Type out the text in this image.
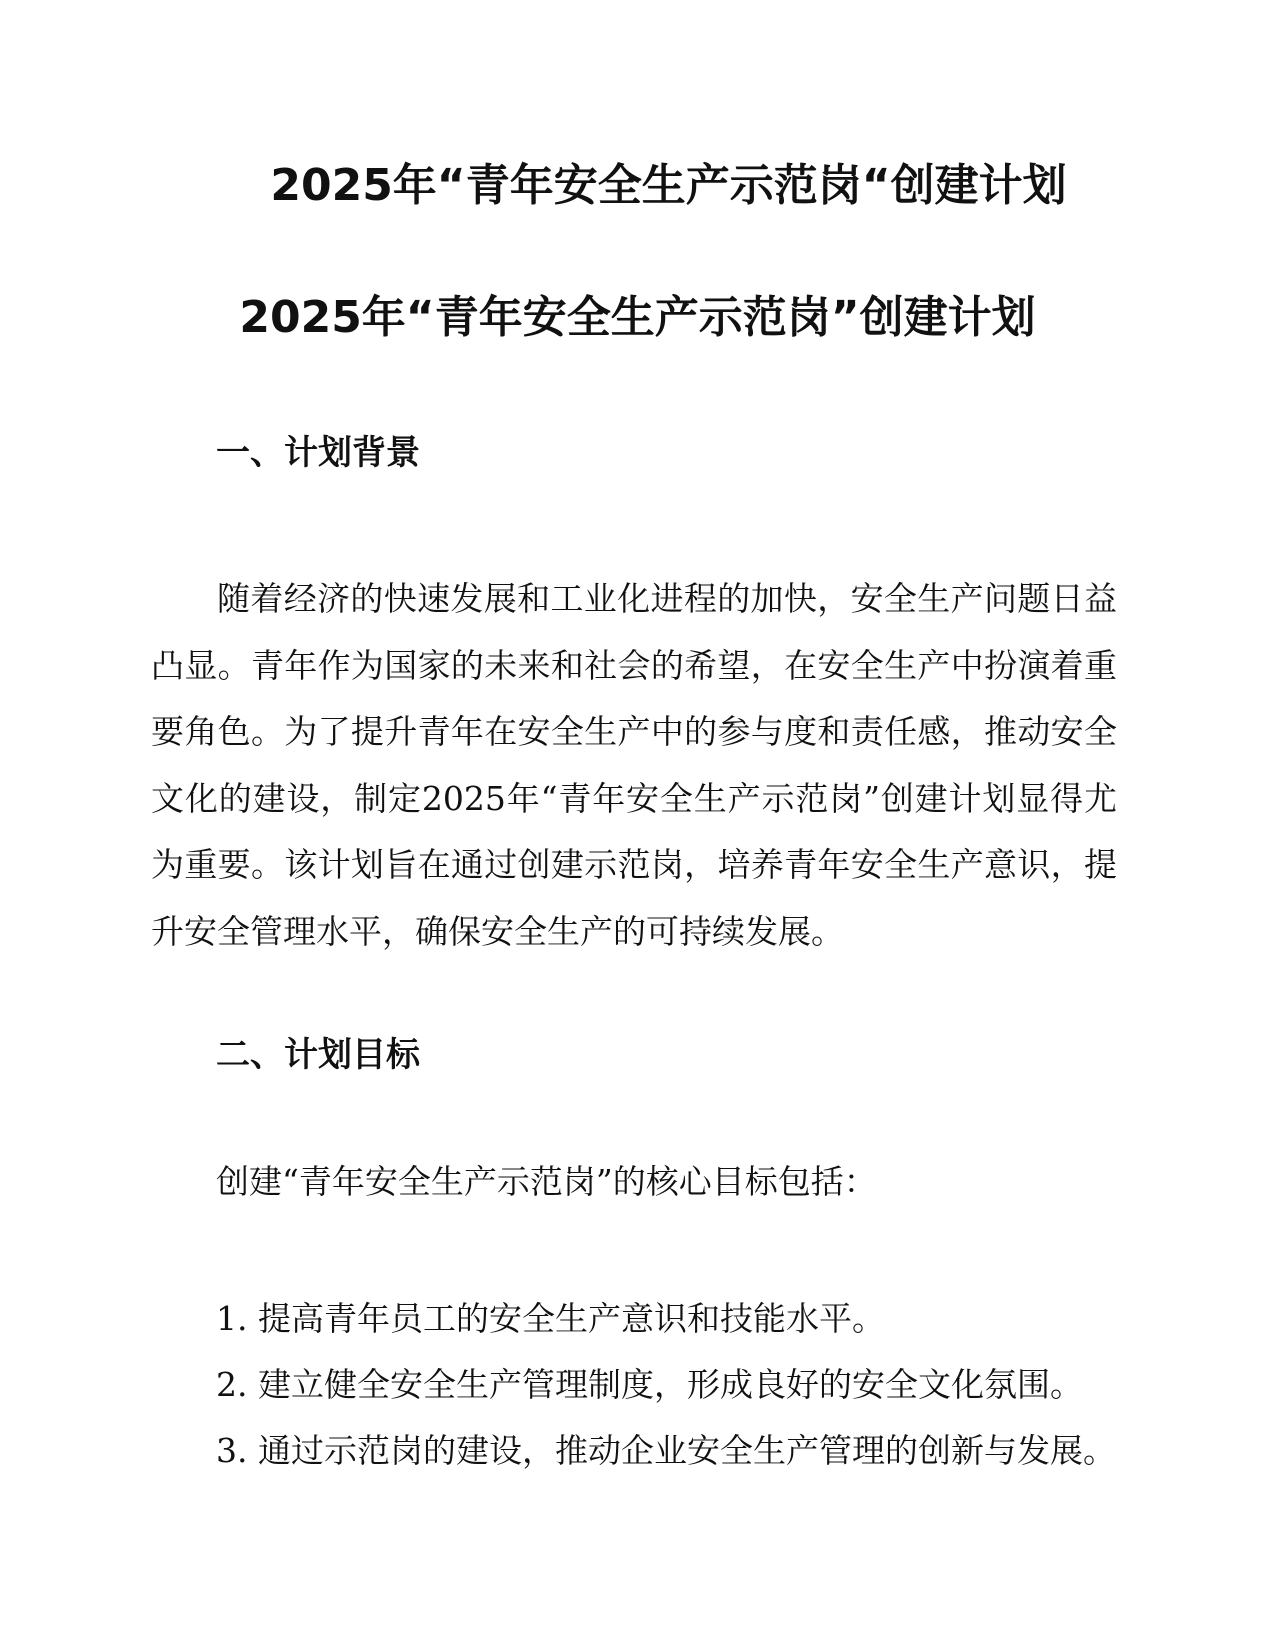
2025年“青年安全生产示范岗“创建计划
2025年“青年安全生产示范岗”创建计划
一、计划背景

随着经济的快速发展和工业化进程的加快，安全生产问题日益凸显。青年作为国家的未来和社会的希望，在安全生产中扮演着重要角色。为了提升青年在安全生产中的参与度和责任感，推动安全文化的建设，制定2025年“青年安全生产示范岗”创建计划显得尤为重要。该计划旨在通过创建示范岗，培养青年安全生产意识，提升安全管理水平，确保安全生产的可持续发展。

二、计划目标

创建“青年安全生产示范岗”的核心目标包括：

1. 提高青年员工的安全生产意识和技能水平。
2. 建立健全安全生产管理制度，形成良好的安全文化氛围。
3. 通过示范岗的建设，推动企业安全生产管理的创新与发展。
